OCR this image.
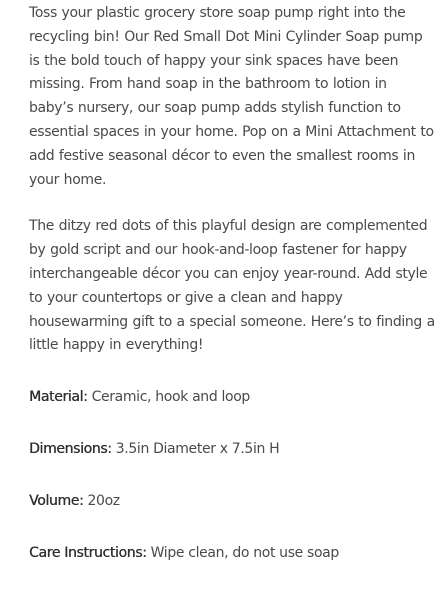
Toss your plastic grocery store soap pump right into the recycling bin! Our Red Small Dot Mini Cylinder Soap pump is the bold touch of happy your sink spaces have been missing. From hand soap in the bathroom to lotion in baby’s nursery, our soap pump adds stylish function to essential spaces in your home. Pop on a Mini Attachment to add festive seasonal décor to even the smallest rooms in your home.

The ditzy red dots of this playful design are complemented by gold script and our hook-and-loop fastener for happy interchangeable décor you can enjoy year-round. Add style to your countertops or give a clean and happy housewarming gift to a special someone. Here’s to finding a little happy in everything!

Material: Ceramic, hook and loop

Dimensions: 3.5in Diameter x 7.5in H

Volume: 20oz

Care Instructions: Wipe clean, do not use soap
